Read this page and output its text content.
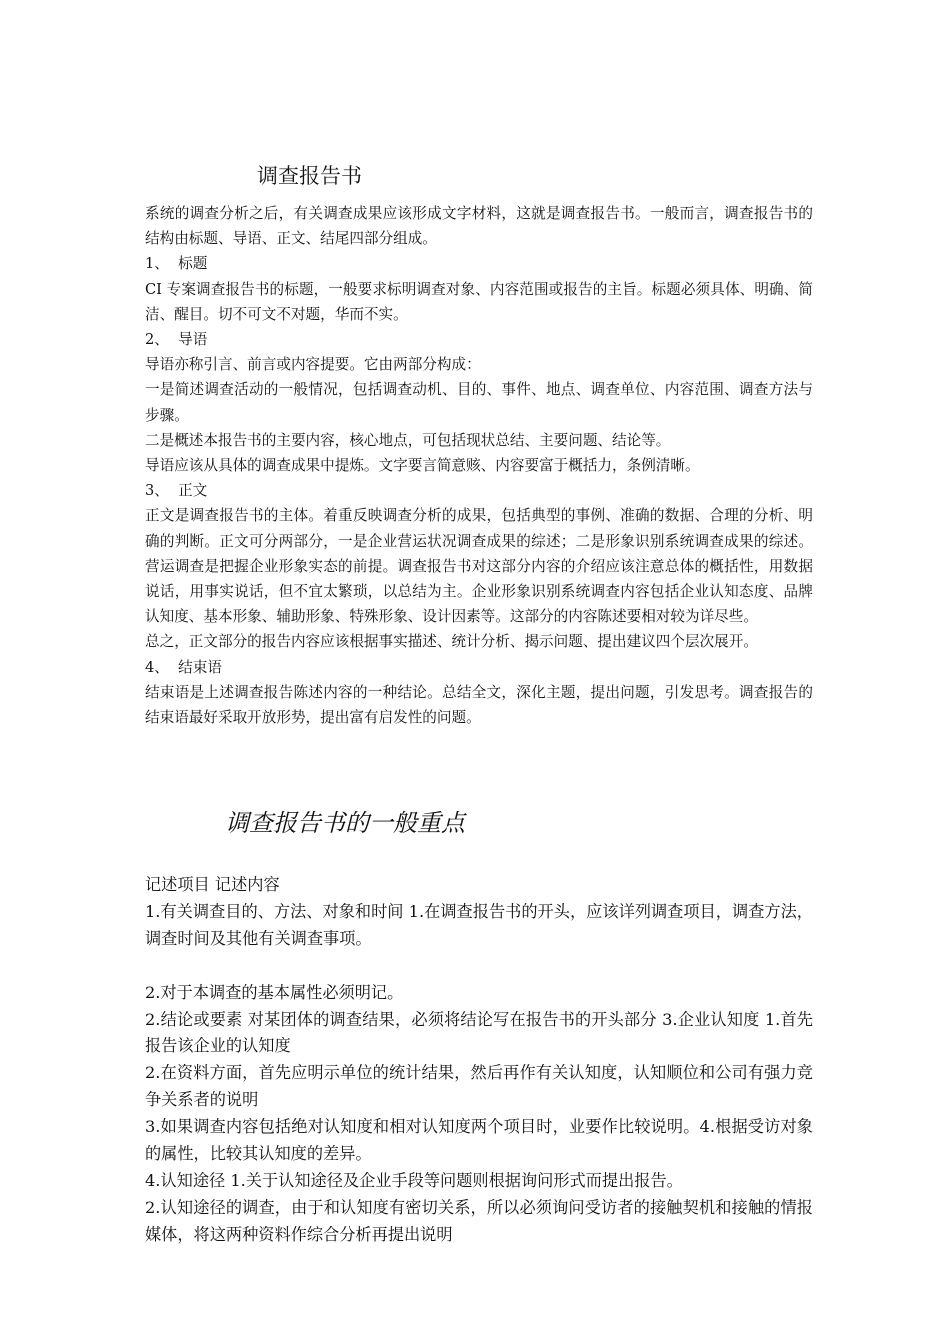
调查报告书

系统的调查分析之后，有关调查成果应该形成文字材料，这就是调查报告书。一般而言，调查报告书的结构由标题、导语、正文、结尾四部分组成。

1、  标题

CI 专案调查报告书的标题，一般要求标明调查对象、内容范围或报告的主旨。标题必须具体、明确、简洁、醒目。切不可文不对题，华而不实。

2、  导语

导语亦称引言、前言或内容提要。它由两部分构成：

一是简述调查活动的一般情况，包括调查动机、目的、事件、地点、调查单位、内容范围、调查方法与步骤。

二是概述本报告书的主要内容，核心地点，可包括现状总结、主要问题、结论等。

导语应该从具体的调查成果中提炼。文字要言简意赅、内容要富于概括力，条例清晰。

3、  正文

正文是调查报告书的主体。着重反映调查分析的成果，包括典型的事例、准确的数据、合理的分析、明确的判断。正文可分两部分，一是企业营运状况调查成果的综述；二是形象识别系统调查成果的综述。营运调查是把握企业形象实态的前提。调查报告书对这部分内容的介绍应该注意总体的概括性，用数据说话，用事实说话，但不宜太繁琐，以总结为主。企业形象识别系统调查内容包括企业认知态度、品牌认知度、基本形象、辅助形象、特殊形象、设计因素等。这部分的内容陈述要相对较为详尽些。

总之，正文部分的报告内容应该根据事实描述、统计分析、揭示问题、提出建议四个层次展开。

4、  结束语

结束语是上述调查报告陈述内容的一种结论。总结全文，深化主题，提出问题，引发思考。调查报告的结束语最好采取开放形势，提出富有启发性的问题。

调查报告书的一般重点

记述项目 记述内容

1.有关调查目的、方法、对象和时间 1.在调查报告书的开头，应该详列调查项目，调查方法，调查时间及其他有关调查事项。

2.对于本调查的基本属性必须明记。

2.结论或要素 对某团体的调查结果，必须将结论写在报告书的开头部分 3.企业认知度 1.首先报告该企业的认知度

2.在资料方面，首先应明示单位的统计结果，然后再作有关认知度，认知顺位和公司有强力竞争关系者的说明

3.如果调查内容包括绝对认知度和相对认知度两个项目时，业要作比较说明。4.根据受访对象的属性，比较其认知度的差异。

4.认知途径 1.关于认知途径及企业手段等问题则根据询问形式而提出报告。

2.认知途径的调查，由于和认知度有密切关系，所以必须询问受访者的接触契机和接触的情报媒体，将这两种资料作综合分析再提出说明
